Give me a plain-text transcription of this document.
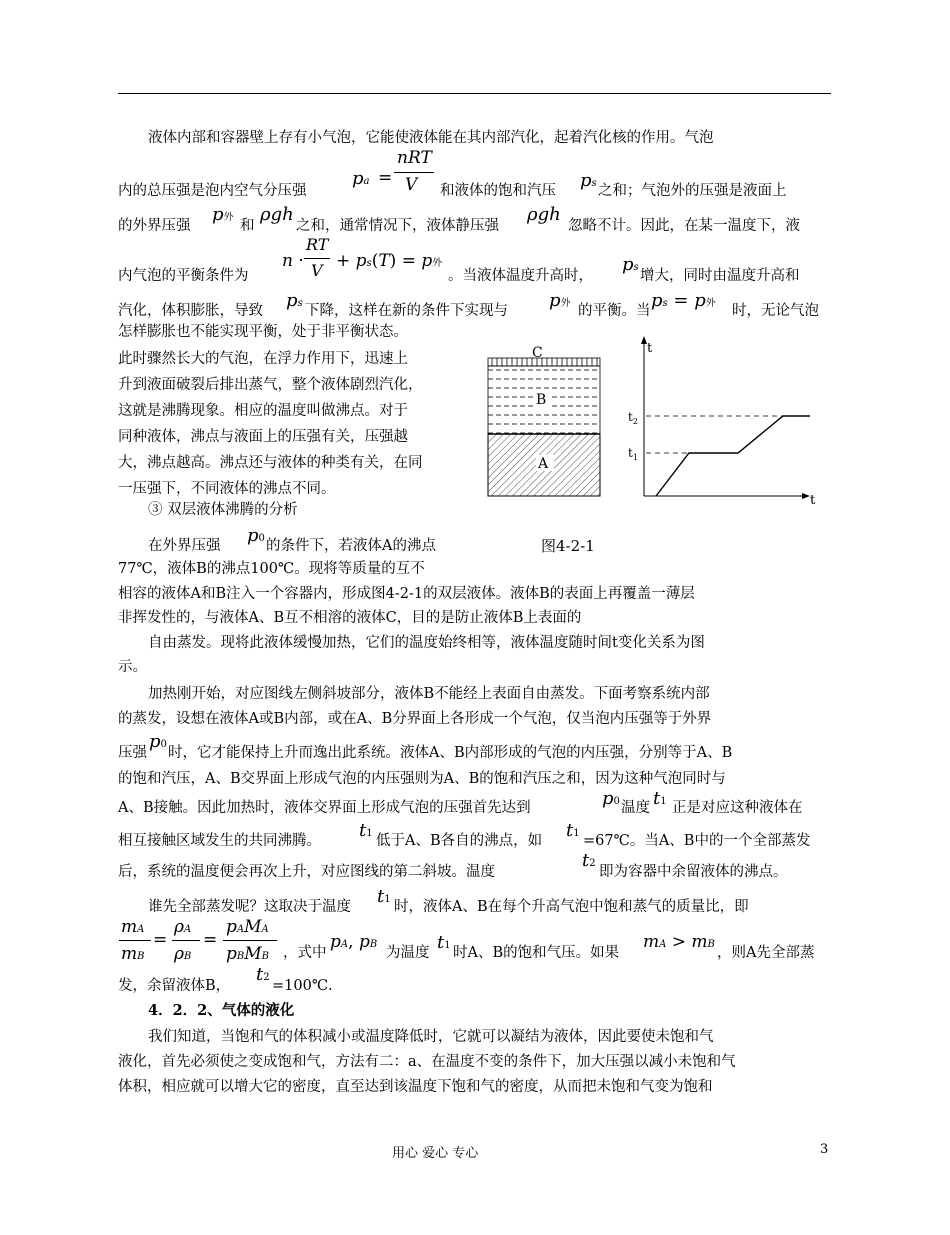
液体内部和容器壁上存有小气泡，它能使液体能在其内部汽化，起着汽化核的作用。气泡
内的总压强是泡内空气分压强
pa =
nRT
V 和液体的饱和汽压 ps 之和；气泡外的压强是液面上
的外界压强
p外
和
ρgh
之和，通常情况下，液体静压强
ρgh
忽略不计。因此，在某一温度下，液
内气泡的平衡条件为
n ·
RT
V + ps(T) = p外
。当液体温度升高时，
ps
增大，同时由温度升高和
汽化，体积膨胀，导致 ps 下降，这样在新的条件下实现与 p外 的平衡。当 ps = p外 时，无论气泡
怎样膨胀也不能实现平衡，处于非平衡状态。
此时骤然长大的气泡，在浮力作用下，迅速上
升到液面破裂后排出蒸气，整个液体剧烈汽化，
这就是沸腾现象。相应的温度叫做沸点。对于
同种液体，沸点与液面上的压强有关，压强越
大，沸点越高。沸点还与液体的种类有关，在同
一压强下，不同液体的沸点不同。
③ 双层液体沸腾的分析
C
B
A
t
t
$t_2$
$t_1$
图4-2-1
在外界压强 p0 的条件下，若液体A的沸点
77℃，液体B的沸点100℃。现将等质量的互不
相容的液体A和B注入一个容器内，形成图4-2-1的双层液体。液体B的表面上再覆盖一薄层
非挥发性的，与液体A、B互不相溶的液体C，目的是防止液体B上表面的
自由蒸发。现将此液体缓慢加热，它们的温度始终相等，液体温度随时间t变化关系为图
示。
加热刚开始，对应图线左侧斜坡部分，液体B不能经上表面自由蒸发。下面考察系统内部
的蒸发，设想在液体A或B内部，或在A、B分界面上各形成一个气泡，仅当泡内压强等于外界
压强
p0
时，它才能保持上升而逸出此系统。液体A、B内部形成的气泡的内压强，分别等于A、B
的饱和汽压，A、B交界面上形成气泡的内压强则为A、B的饱和汽压之和，因为这种气泡同时与
A、B接触。因此加热时，液体交界面上形成气泡的压强首先达到	p0 温度 t1 正是对应这种液体在
相互接触区域发生的共同沸腾。 t1 低于A、B各自的沸点，如 t1 =67℃。当A、B中的一个全部蒸发
后，系统的温度便会再次上升，对应图线的第二斜坡。温度
t2
即为容器中余留液体的沸点。
谁先全部蒸发呢？这取决于温度 t1 时，液体A、B在每个升高气泡中饱和蒸气的质量比，即
mA
mB
=
ρA
ρB
=
pAMA
pBMB ，式中
pA, pB
为温度 t1 时A、B的饱和气压。如果
mA > mB
，则A先全部蒸
发，余留液体B，
t2
=100℃.
4．2．2、气体的液化
我们知道，当饱和气的体积减小或温度降低时，它就可以凝结为液体，因此要使未饱和气
液化，首先必须使之变成饱和气，方法有二：a、在温度不变的条件下，加大压强以减小未饱和气
体积，相应就可以增大它的密度，直至达到该温度下饱和气的密度，从而把未饱和气变为饱和
用心 爱心 专心	3
